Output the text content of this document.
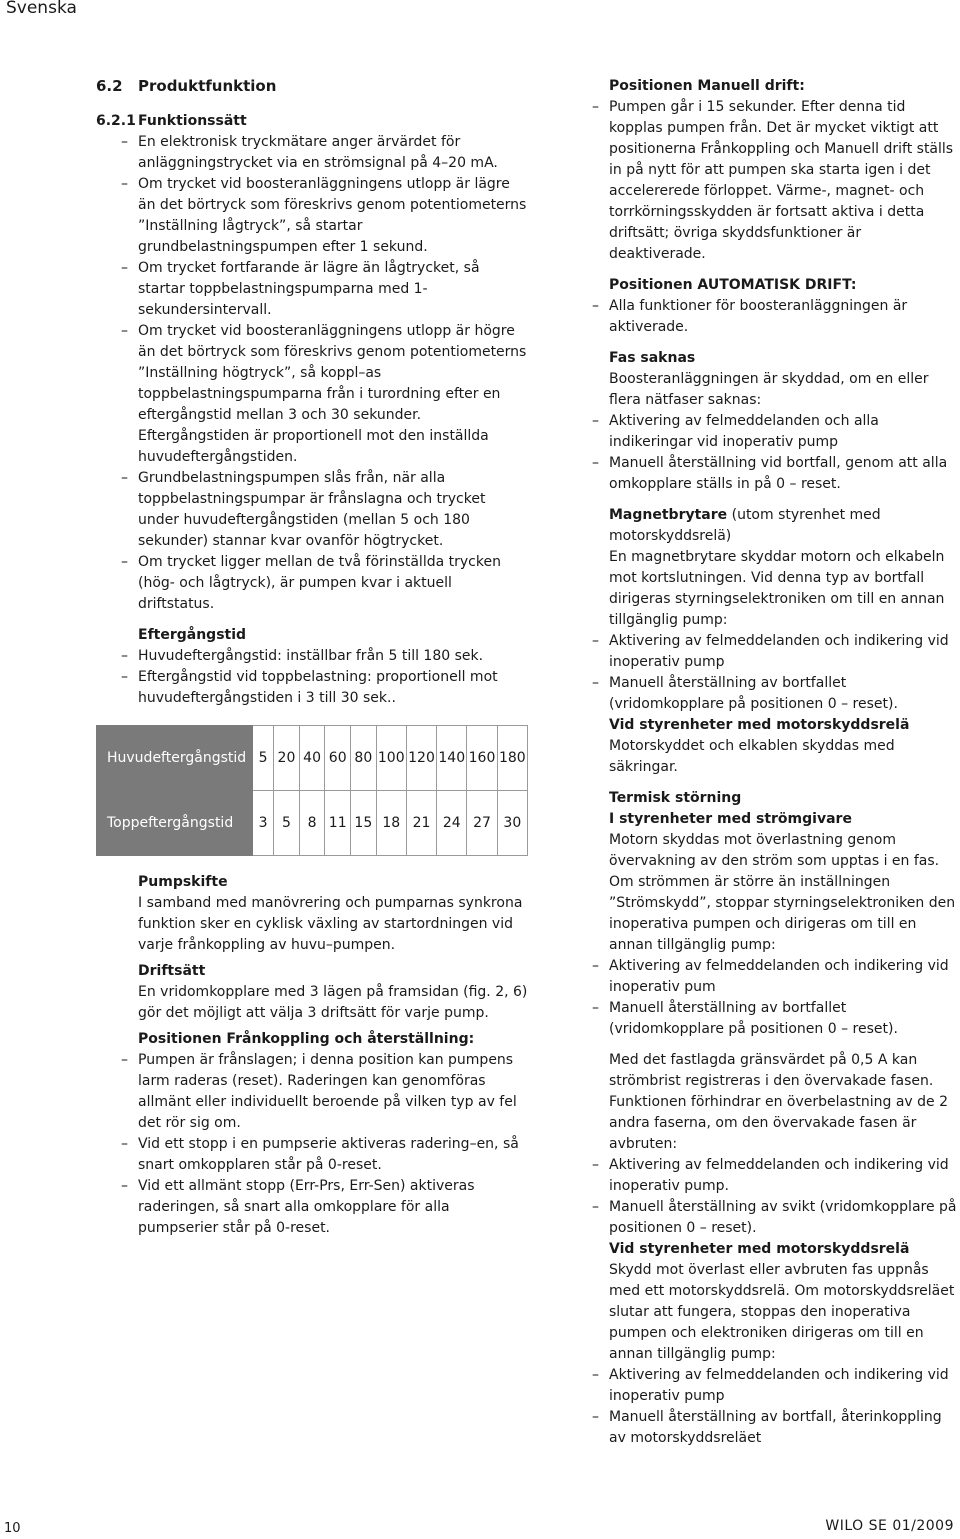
Svenska
6.2 Produktfunktion
6.2.1 Funktionssätt
– En elektronisk tryckmätare anger ärvärdet för anläggningstrycket via en strömsignal på 4–20 mA.
– Om trycket vid boosteranläggningens utlopp är lägre än det börtryck som föreskrivs genom potentiometerns ”Inställning lågtryck”, så startar grundbelastningspumpen efter 1 sekund.
– Om trycket fortfarande är lägre än lågtrycket, så startar toppbelastningspumparna med 1-sekundersintervall.
– Om trycket vid boosteranläggningens utlopp är högre än det börtryck som föreskrivs genom potentiometerns ”Inställning högtryck”, så koppl–as toppbelastningspumparna från i turordning efter en eftergångstid mellan 3 och 30 sekunder. Eftergångstiden är proportionell mot den inställda huvudeftergångstiden.
– Grundbelastningspumpen slås från, när alla toppbelastningspumpar är frånslagna och trycket under huvudeftergångstiden (mellan 5 och 180 sekunder) stannar kvar ovanför högtrycket.
– Om trycket ligger mellan de två förinställda trycken (hög- och lågtryck), är pumpen kvar i aktuell driftstatus.
Eftergångstid
– Huvudeftergångstid: inställbar från 5 till 180 sek.
– Eftergångstid vid toppbelastning: proportionell mot huvudeftergångstiden i 3 till 30 sek..
Huvudeftergångstid	5	20	40	60	80	100	120	140	160	180
Toppeftergångstid	3	5	8	11	15	18	21	24	27	30
Pumpskifte

I samband med manövrering och pumparnas synkrona funktion sker en cyklisk växling av startordningen vid varje frånkoppling av huvu–pumpen.

Driftsätt

En vridomkopplare med 3 lägen på framsidan (fig. 2, 6) gör det möjligt att välja 3 driftsätt för varje pump.

Positionen Frånkoppling och återställning:
– Pumpen är frånslagen; i denna position kan pumpens larm raderas (reset). Raderingen kan genomföras allmänt eller individuellt beroende på vilken typ av fel det rör sig om.
– Vid ett stopp i en pumpserie aktiveras radering–en, så snart omkopplaren står på 0-reset.
– Vid ett allmänt stopp (Err-Prs, Err-Sen) aktiveras raderingen, så snart alla omkopplare för alla pumpserier står på 0-reset.
Positionen Manuell drift:
– Pumpen går i 15 sekunder. Efter denna tid kopplas pumpen från. Det är mycket viktigt att positionerna Frånkoppling och Manuell drift ställs in på nytt för att pumpen ska starta igen i det accelererede förloppet. Värme-, magnet- och torrkörningsskydden är fortsatt aktiva i detta driftsätt; övriga skyddsfunktioner är deaktiverade.
Positionen AUTOMATISK DRIFT:
– Alla funktioner för boosteranläggningen är aktiverade.
Fas saknas

Boosteranläggningen är skyddad, om en eller flera nätfaser saknas:

– Aktivering av felmeddelanden och alla indikeringar vid inoperativ pump
– Manuell återställning vid bortfall, genom att alla omkopplare ställs in på 0 – reset.

Magnetbrytare (utom styrenhet med motorskyddsrelä)

En magnetbrytare skyddar motorn och elkabeln mot kortslutningen. Vid denna typ av bortfall dirigeras styrningselektroniken om till en annan tillgänglig pump:

– Aktivering av felmeddelanden och indikering vid inoperativ pump
– Manuell återställning av bortfallet (vridomkopplare på positionen 0 – reset).
Vid styrenheter med motorskyddsrelä

Motorskyddet och elkablen skyddas med säkringar.

Termisk störning
I styrenheter med strömgivare

Motorn skyddas mot överlastning genom övervakning av den ström som upptas i en fas. Om strömmen är större än inställningen ”Strömskydd”, stoppar styrningselektroniken den inoperativa pumpen och dirigeras om till en annan tillgänglig pump:

– Aktivering av felmeddelanden och indikering vid inoperativ pum
– Manuell återställning av bortfallet (vridomkopplare på positionen 0 – reset).

Med det fastlagda gränsvärdet på 0,5 A kan strömbrist registreras i den övervakade fasen. Funktionen förhindrar en överbelastning av de 2 andra faserna, om den övervakade fasen är avbruten:

– Aktivering av felmeddelanden och indikering vid inoperativ pump.
– Manuell återställning av svikt (vridomkopplare på positionen 0 – reset).
Vid styrenheter med motorskyddsrelä

Skydd mot överlast eller avbruten fas uppnås med ett motorskyddsrelä. Om motorskyddsreläet slutar att fungera, stoppas den inoperativa pumpen och elektroniken dirigeras om till en annan tillgänglig pump:

– Aktivering av felmeddelanden och indikering vid inoperativ pump
– Manuell återställning av bortfall, återinkoppling av motorskyddsreläet
10	WILO SE 01/2009
